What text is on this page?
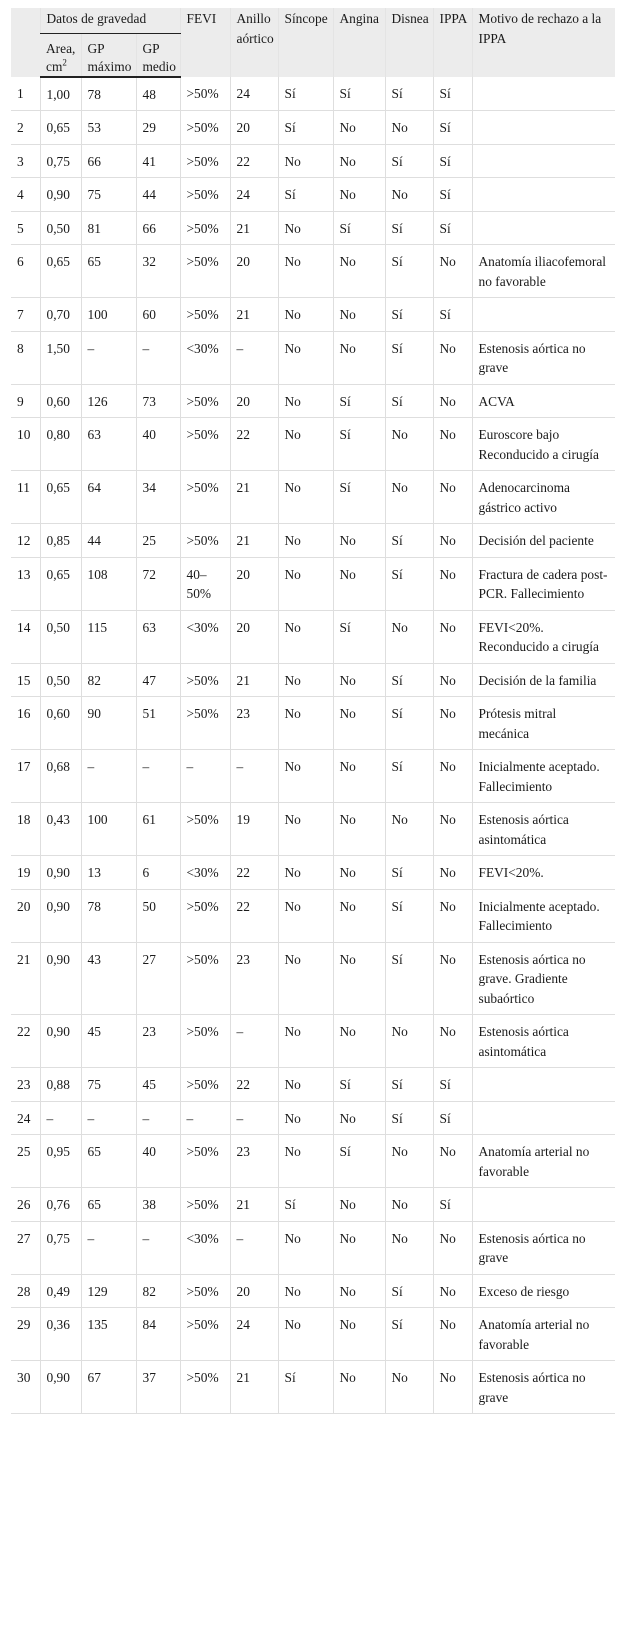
	Datos de gravedad			FEVI	Anillo aórtico	Síncope	Angina	Disnea	IPPA	Motivo de rechazo a la IPPA
	Area, $cm^2$	GP máximo	GP medio							
1	1,00	78	48	>50%	24	Sí	Sí	Sí	Sí	
2	0,65	53	29	>50%	20	Sí	No	No	Sí	
3	0,75	66	41	>50%	22	No	No	Sí	Sí	
4	0,90	75	44	>50%	24	Sí	No	No	Sí	
5	0,50	81	66	>50%	21	No	Sí	Sí	Sí	
6	0,65	65	32	>50%	20	No	No	Sí	No	Anatomía iliacofemoral no favorable
7	0,70	100	60	>50%	21	No	No	Sí	Sí	
8	1,50	–	–	<30%	–	No	No	Sí	No	Estenosis aórtica no grave
9	0,60	126	73	>50%	20	No	Sí	Sí	No	ACVA
10	0,80	63	40	>50%	22	No	Sí	No	No	Euroscore bajo Reconducido a cirugía
11	0,65	64	34	>50%	21	No	Sí	No	No	Adenocarcinoma gástrico activo
12	0,85	44	25	>50%	21	No	No	Sí	No	Decisión del paciente
13	0,65	108	72	40–50%	20	No	No	Sí	No	Fractura de cadera post-PCR. Fallecimiento
14	0,50	115	63	<30%	20	No	Sí	No	No	FEVI<20%. Reconducido a cirugía
15	0,50	82	47	>50%	21	No	No	Sí	No	Decisión de la familia
16	0,60	90	51	>50%	23	No	No	Sí	No	Prótesis mitral mecánica
17	0,68	–	–	–	–	No	No	Sí	No	Inicialmente aceptado. Fallecimiento
18	0,43	100	61	>50%	19	No	No	No	No	Estenosis aórtica asintomática
19	0,90	13	6	<30%	22	No	No	Sí	No	FEVI<20%.
20	0,90	78	50	>50%	22	No	No	Sí	No	Inicialmente aceptado. Fallecimiento
21	0,90	43	27	>50%	23	No	No	Sí	No	Estenosis aórtica no grave. Gradiente subaórtico
22	0,90	45	23	>50%	–	No	No	No	No	Estenosis aórtica asintomática
23	0,88	75	45	>50%	22	No	Sí	Sí	Sí	
24	–	–	–	–	–	No	No	Sí	Sí	
25	0,95	65	40	>50%	23	No	Sí	No	No	Anatomía arterial no favorable
26	0,76	65	38	>50%	21	Sí	No	No	Sí	
27	0,75	–	–	<30%	–	No	No	No	No	Estenosis aórtica no grave
28	0,49	129	82	>50%	20	No	No	Sí	No	Exceso de riesgo
29	0,36	135	84	>50%	24	No	No	Sí	No	Anatomía arterial no favorable
30	0,90	67	37	>50%	21	Sí	No	No	No	Estenosis aórtica no grave
